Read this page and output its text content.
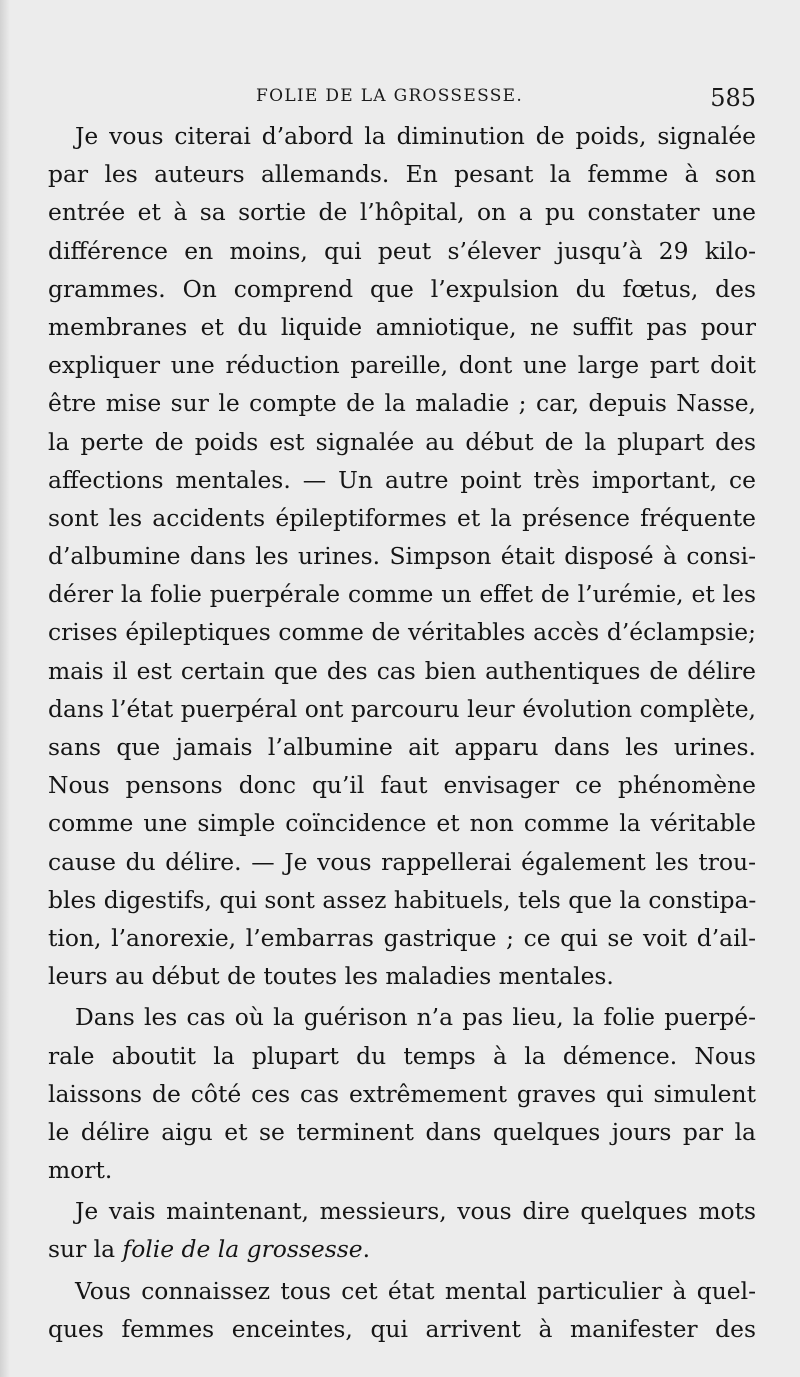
FOLIE DE LA GROSSESSE.	585
Je vous citerai d’abord la diminution de poids, signalée
par les auteurs allemands. En pesant la femme à son
entrée et à sa sortie de l’hôpital, on a pu constater une
différence en moins, qui peut s’élever jusqu’à 29 kilo-
grammes. On comprend que l’expulsion du fœtus, des
membranes et du liquide amniotique, ne suffit pas pour
expliquer une réduction pareille, dont une large part doit
être mise sur le compte de la maladie ; car, depuis Nasse,
la perte de poids est signalée au début de la plupart des
affections mentales. — Un autre point très important, ce
sont les accidents épileptiformes et la présence fréquente
d’albumine dans les urines. Simpson était disposé à consi-
dérer la folie puerpérale comme un effet de l’urémie, et les
crises épileptiques comme de véritables accès d’éclampsie;
mais il est certain que des cas bien authentiques de délire
dans l’état puerpéral ont parcouru leur évolution complète,
sans que jamais l’albumine ait apparu dans les urines.
Nous pensons donc qu’il faut envisager ce phénomène
comme une simple coïncidence et non comme la véritable
cause du délire. — Je vous rappellerai également les trou-
bles digestifs, qui sont assez habituels, tels que la constipa-
tion, l’anorexie, l’embarras gastrique ; ce qui se voit d’ail-
leurs au début de toutes les maladies mentales.
Dans les cas où la guérison n’a pas lieu, la folie puerpé-
rale aboutit la plupart du temps à la démence. Nous
laissons de côté ces cas extrêmement graves qui simulent
le délire aigu et se terminent dans quelques jours par la
mort.
Je vais maintenant, messieurs, vous dire quelques mots
sur la folie de la grossesse.
Vous connaissez tous cet état mental particulier à quel-
ques femmes enceintes, qui arrivent à manifester des
